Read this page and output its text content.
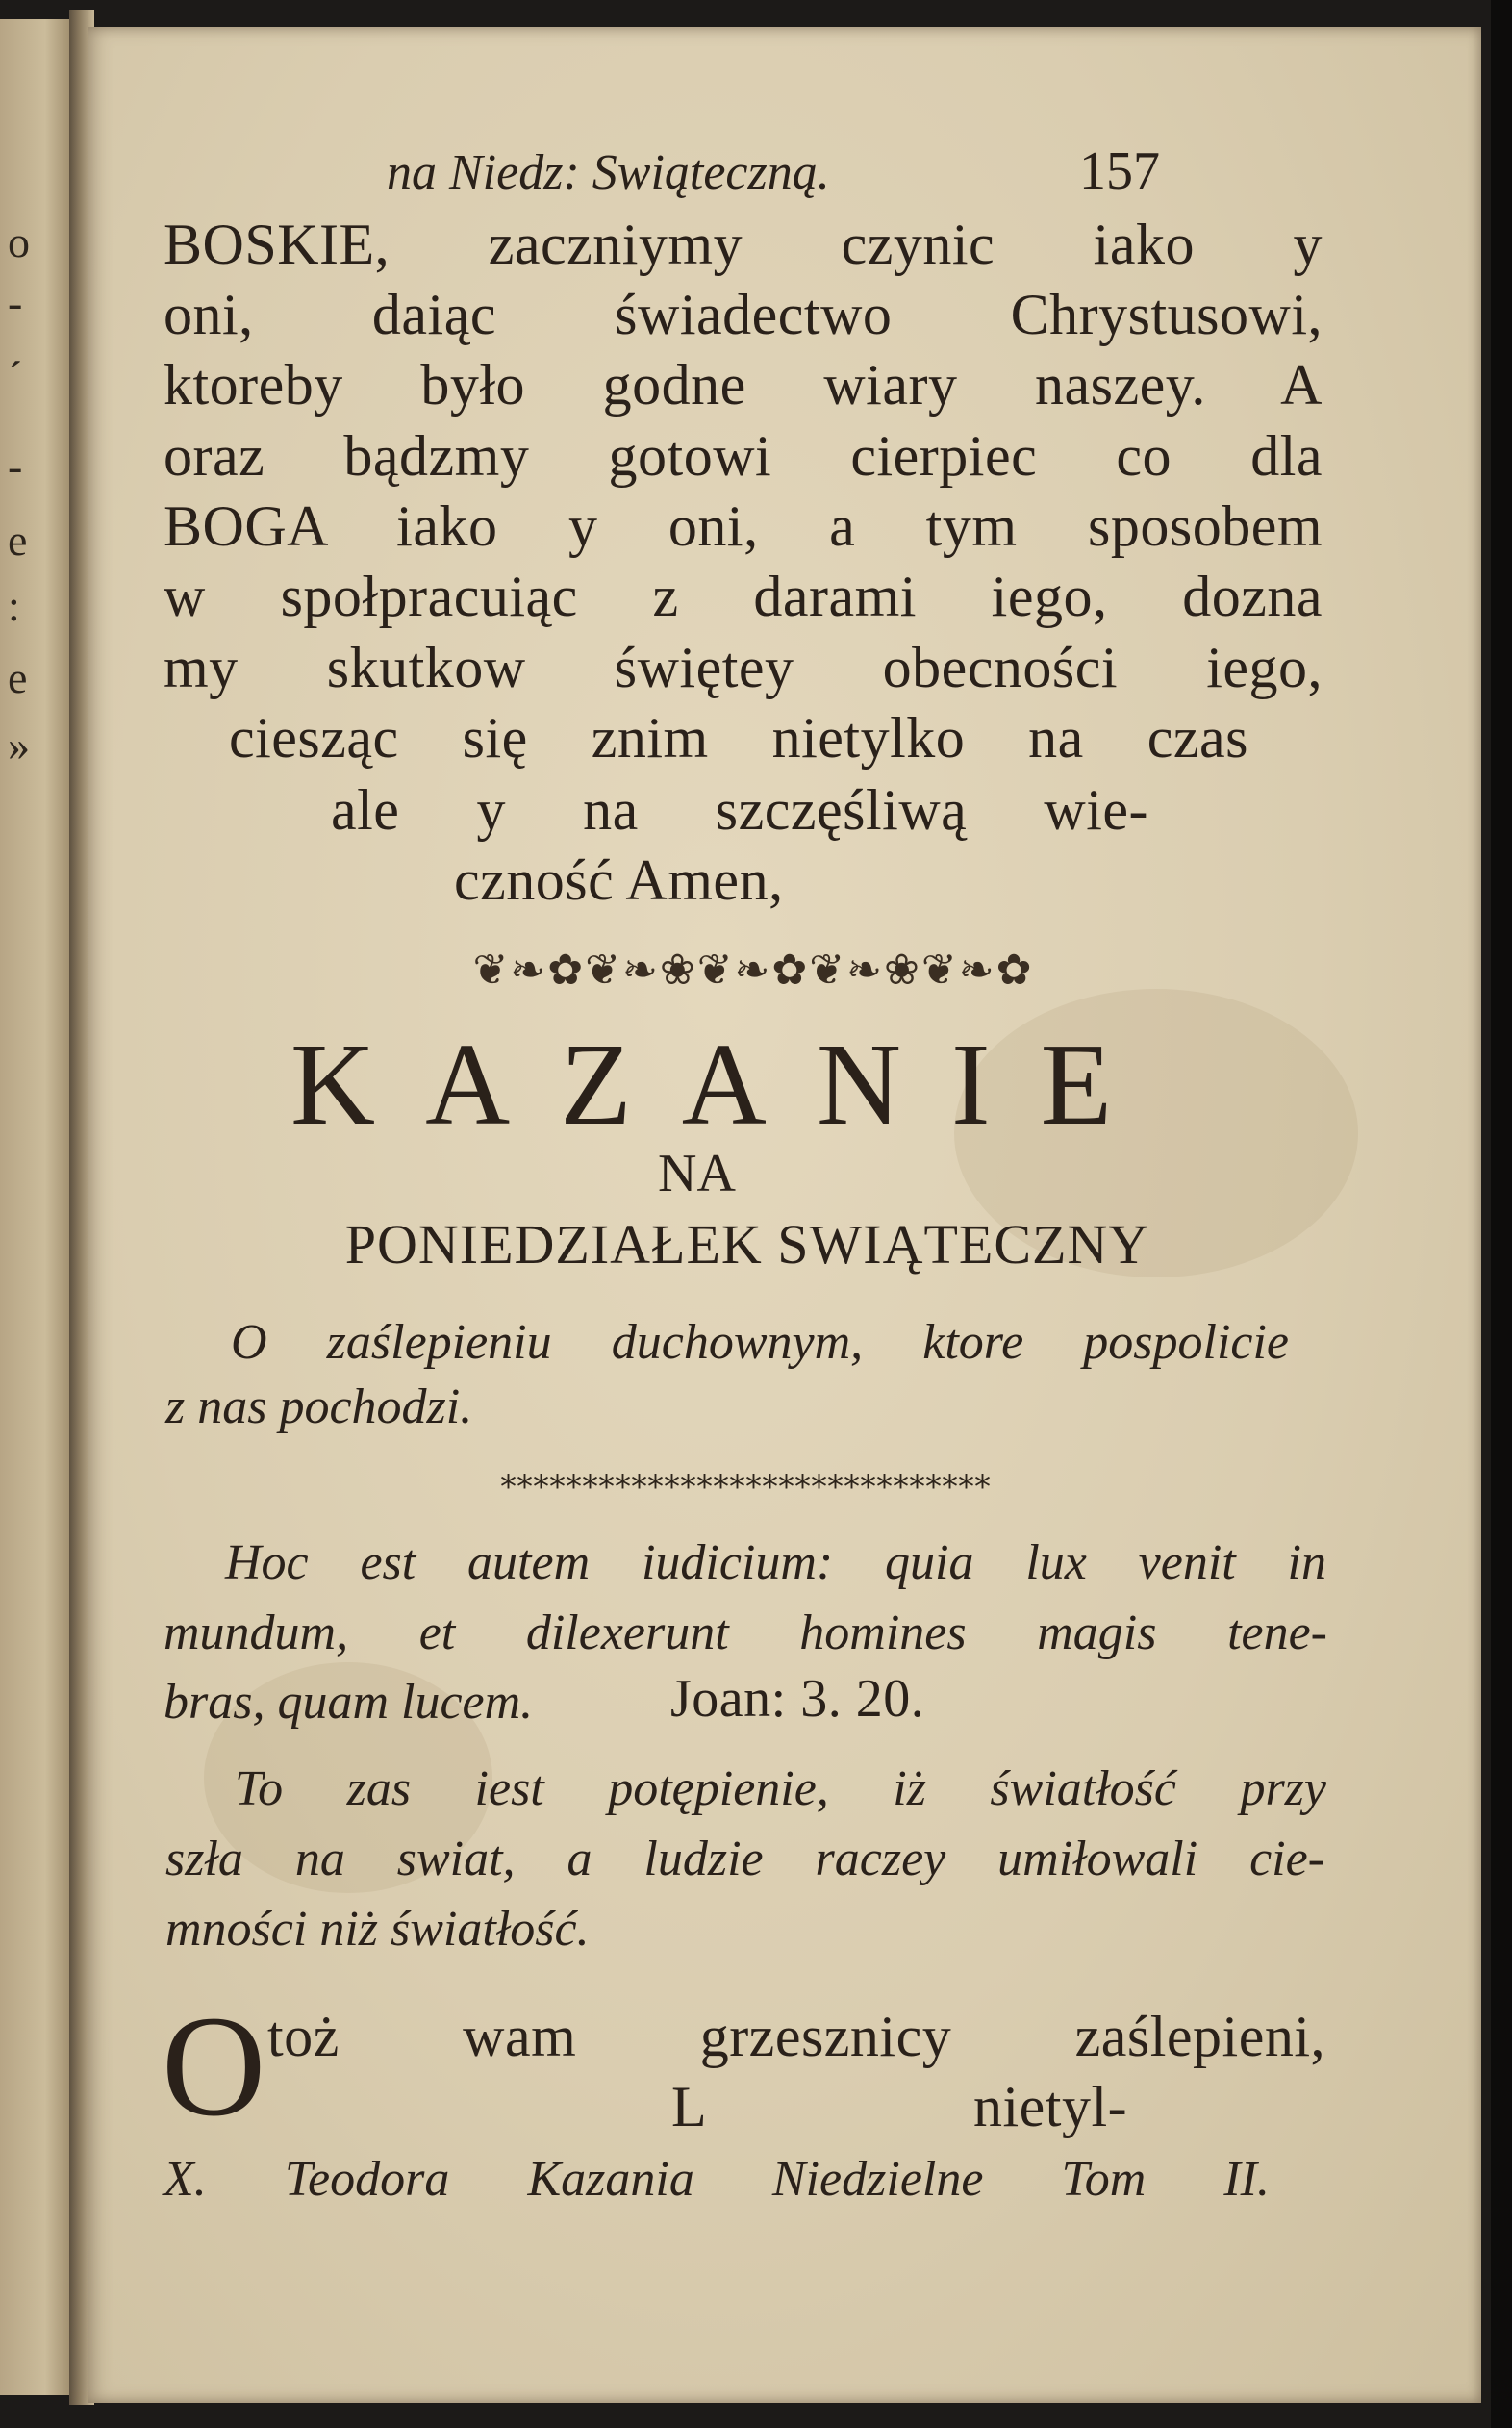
o
-
´
-
e
:
e
»
na Niedz: Swiąteczną.	157
BOSKIE, zaczniymy czynic iako y
oni, daiąc świadectwo Chrystusowi,
ktoreby było godne wiary naszey. A
oraz bądzmy gotowi cierpiec co dla
BOGA iako y oni, a tym sposobem
w społpracuiąc z darami iego, dozna
my skutkow świętey obecności iego,
ciesząc się znim nietylko na czas
ale y na szczęśliwą wie-
czność Amen,
❦❧✿❦❧❀❦❧✿❦❧❀❦❧✿
KAZANIE
NA
PONIEDZIAŁEK SWIĄTECZNY
O zaślepieniu duchownym, ktore pospolicie
z nas pochodzi.
******************************
Hoc est autem iudicium: quia lux venit in
mundum, et dilexerunt homines magis tene-
bras, quam lucem.	Joan: 3. 20.
To zas iest potępienie, iż światłość przy
szła na swiat, a ludzie raczey umiłowali cie-
mności niż światłość.
O toż wam grzesznicy zaślepieni,
L	nietyl-
X. Teodora Kazania Niedzielne Tom II.
